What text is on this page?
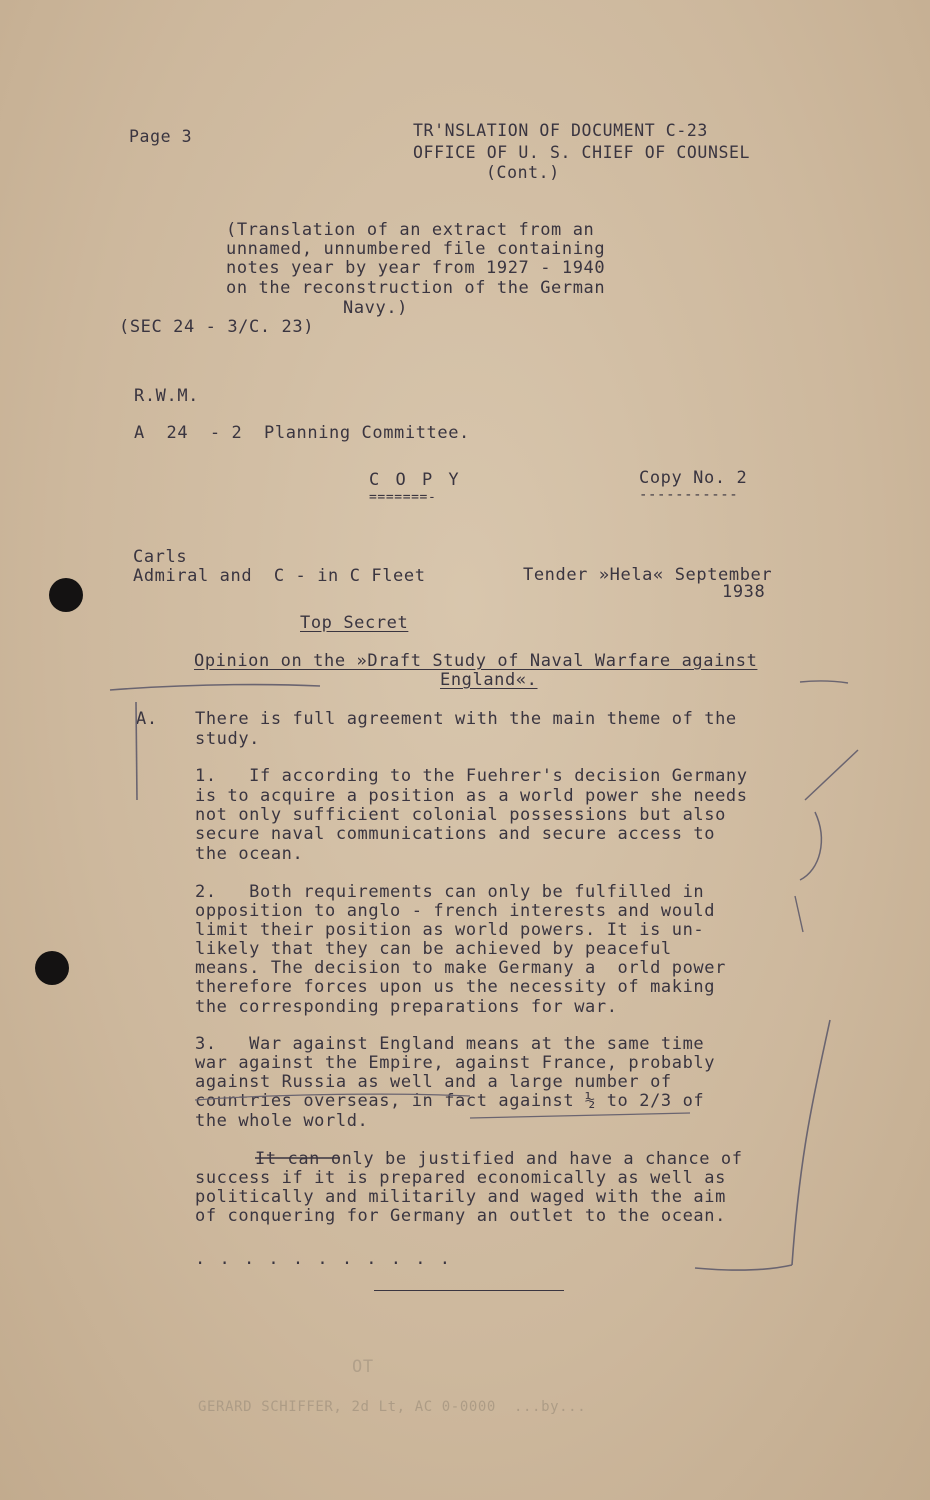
Page 3	TR'NSLATION OF DOCUMENT C-23
OFFICE OF U. S. CHIEF OF COUNSEL
(Cont.)
(Translation of an extract from an
unnamed, unnumbered file containing
notes year by year from 1927 - 1940
on the reconstruction of the German
Navy.)
(SEC 24 - 3/C. 23)
R.W.M.
A  24  - 2  Planning Committee.
C O P Y
=======-
Copy No. 2
-----------
Carls
Admiral and  C - in C Fleet	Tender »Hela« September
1938
Top Secret
Opinion on the »Draft Study of Naval Warfare against
England«.
A. There is full agreement with the main theme of the
study.
1.   If according to the Fuehrer's decision Germany
is to acquire a position as a world power she needs
not only sufficient colonial possessions but also
secure naval communications and secure access to
the ocean.
2.   Both requirements can only be fulfilled in
opposition to anglo - french interests and would
limit their position as world powers. It is un-
likely that they can be achieved by peaceful
means. The decision to make Germany a  orld power
therefore forces upon us the necessity of making
the corresponding preparations for war.
3.   War against England means at the same time
war against the Empire, against France, probably
against Russia as well and a large number of
countries overseas, in fact against ½ to 2/3 of
the whole world.
It can only be justified and have a chance of
success if it is prepared economically as well as
politically and militarily and waged with the aim
of conquering for Germany an outlet to the ocean.
. . . . . . . . . . .
OT
GERARD SCHIFFER, 2d Lt, AC 0-0000  ...by...
